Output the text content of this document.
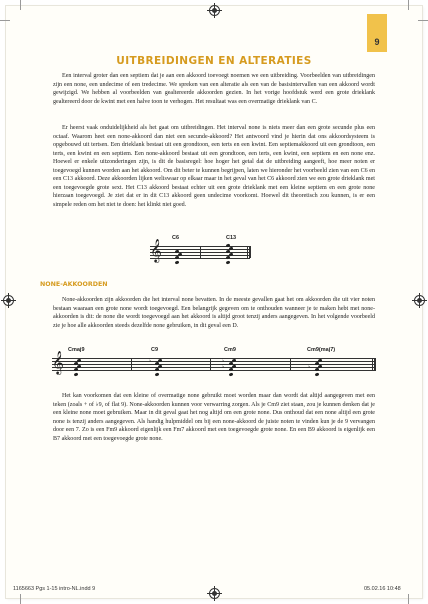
9
UITBREIDINGEN EN ALTERATIES

Een interval groter dan een septiem dat je aan een akkoord toevoegt noemen we een uitbreiding. Voorbeelden van uitbreidingen zijn een none, een undecime of een tredecime. We spreken van een alteratie als een van de basisintervallen van een akkoord wordt gewijzigd. We hebben al voorbeelden van gealtereerde akkoorden gezien. In het vorige hoofdstuk werd een grote drieklank gealtereerd door de kwint met een halve toon te verhogen. Het resultaat was een overmatige drieklank van C.

Er heerst vaak onduidelijkheid als het gaat om uitbreidingen. Het interval none is niets meer dan een grote secunde plus een octaaf. Waarom heet een none-akkoord dan niet een secunde-akkoord? Het antwoord vind je hierin dat ons akkoordsysteem is opgebouwd uit tertsen. Een drieklank bestaat uit een grondtoon, een terts en een kwint. Een septiemakkoord uit een grondtoon, een terts, een kwint en een septiem. Een none-akkoord bestaat uit een grondtoon, een terts, een kwint, een septiem en een none enz. Hoewel er enkele uitzonderingen zijn, is dit de basisregel: hoe hoger het getal dat de uitbreiding aangeeft, hoe meer noten er toegevoegd kunnen worden aan het akkoord. Om dit beter te kunnen begrijpen, laten we hieronder het voorbeeld zien van een C6 en een C13 akkoord. Deze akkoorden lijken weliswaar op elkaar maar in het geval van het C6 akkoord zien we een grote drieklank met een toegevoegde grote sext. Het C13 akkoord bestaat echter uit een grote drieklank met een kleine septiem en een grote none hierzaan toegevoegd. Je ziet dat er in dit C13 akkoord geen undecime voorkomt. Hoewel dit theoretisch zou kunnen, is er een simpele reden om het niet te doen: het klinkt niet goed.

C6	C13
𝄞
NONE-AKKOORDEN

None-akkoorden zijn akkoorden die het interval none bevatten. In de meeste gevallen gaat het om akkoorden die uit vier noten bestaan waaraan een grote none wordt toegevoegd. Een belangrijk gegeven om te onthouden wanneer je te maken hebt met none-akkoorden is dit: de none die wordt toegevoegd aan het akkoord is altijd groot tenzij anders aangegeven. In het volgende voorbeeld zie je hoe alle akkoorden steeds dezelfde none gebruiken, in dit geval een D.

Cmaj9	C9	Cm9	Cm9(maj7)
𝄞	♭
♭
♭
♭

Het kan voorkomen dat een kleine of overmatige none gebruikt moet worden maar dan wordt dat altijd aangegeven met een teken (zoals + of ♭9, of flat 9). None-akkoorden kunnen voor verwarring zorgen. Als je Cm9 ziet staan, zou je kunnen denken dat je een kleine none moet gebruiken. Maar in dit geval gaat het nog altijd om een grote none. Dus onthoud dat een none altijd een grote none is tenzij anders aangegeven. Als handig hulpmiddel om bij een none-akkoord de juiste noten te vinden kun je de 9 vervangen door een 7. Zo is een Fm9 akkoord eigenlijk een Fm7 akkoord met een toegevoegde grote none. En een B9 akkoord is eigenlijk een B7 akkoord met een toegevoegde grote none.

1165663 Pgs 1-15 intro-NL.indd 9	05.02.16 10:48
